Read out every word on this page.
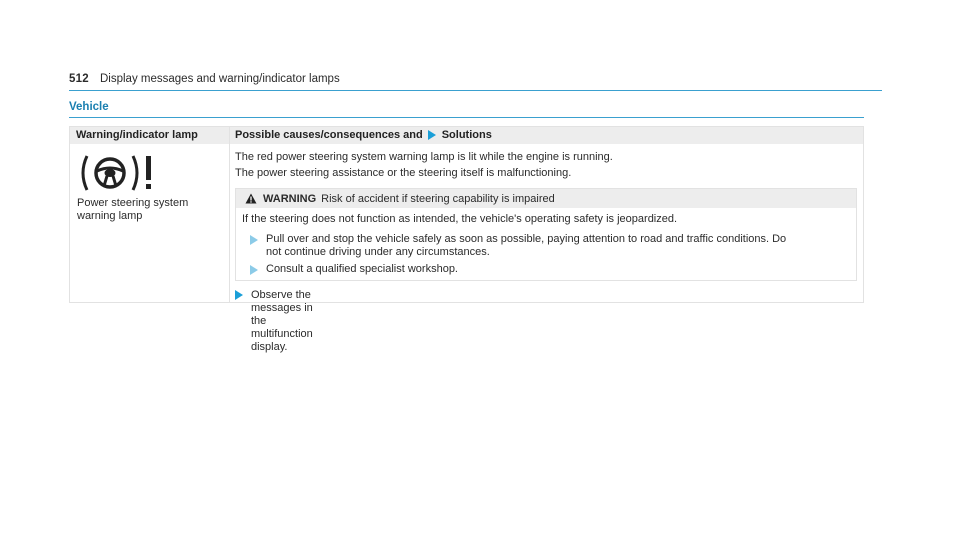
512 Display messages and warning/indicator lamps
Vehicle
Warning/indicator lamp	Possible causes/consequences and Solutions
Power steering system
warning lamp
The red power steering system warning lamp is lit while the engine is running.
The power steering assistance or the steering itself is malfunctioning.
WARNING Risk of accident if steering capability is impaired
If the steering does not function as intended, the vehicle's operating safety is jeopardized.
Pull over and stop the vehicle safely as soon as possible, paying attention to road and traffic conditions. Do
not continue driving under any circumstances.
Consult a qualified specialist workshop.
Observe the messages in the multifunction display.
